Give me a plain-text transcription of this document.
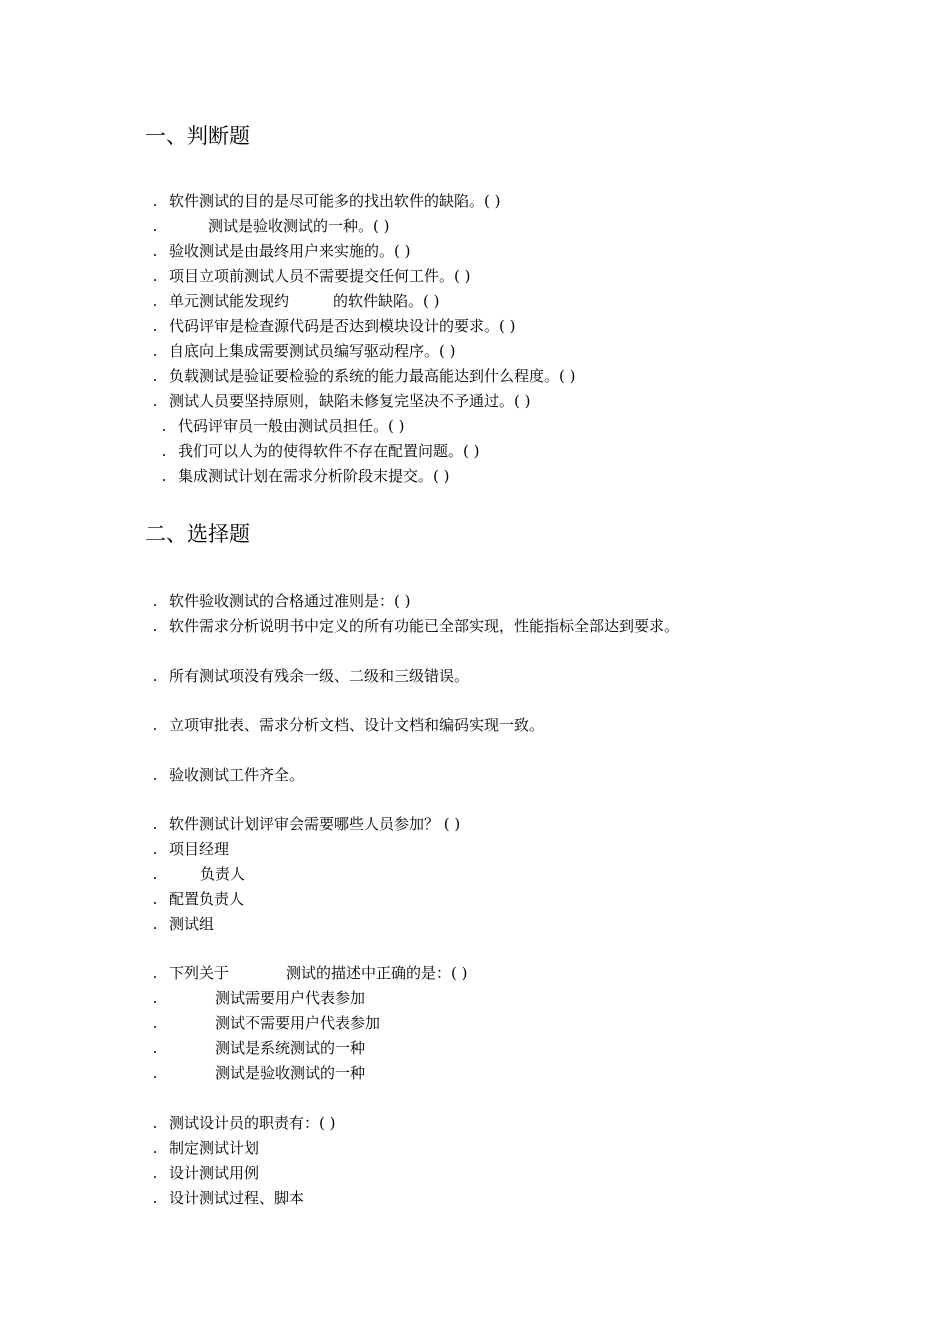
一、判断题
. 软件测试的目的是尽可能多的找出软件的缺陷。( )
.	测试是验收测试的一种。( )
. 验收测试是由最终用户来实施的。( )
. 项目立项前测试人员不需要提交任何工件。( )
. 单元测试能发现约	的软件缺陷。( )
. 代码评审是检查源代码是否达到模块设计的要求。( )
. 自底向上集成需要测试员编写驱动程序。( )
. 负载测试是验证要检验的系统的能力最高能达到什么程度。( )
. 测试人员要坚持原则，缺陷未修复完坚决不予通过。( )
. 代码评审员一般由测试员担任。( )
. 我们可以人为的使得软件不存在配置问题。( )
. 集成测试计划在需求分析阶段末提交。( )
二、选择题
. 软件验收测试的合格通过准则是：( )
. 软件需求分析说明书中定义的所有功能已全部实现，性能指标全部达到要求。
. 所有测试项没有残余一级、二级和三级错误。
. 立项审批表、需求分析文档、设计文档和编码实现一致。
. 验收测试工件齐全。
. 软件测试计划评审会需要哪些人员参加？ ( )
. 项目经理
.	负责人
. 配置负责人
. 测试组
. 下列关于	测试的描述中正确的是：( )
.	测试需要用户代表参加
.	测试不需要用户代表参加
.	测试是系统测试的一种
.	测试是验收测试的一种
. 测试设计员的职责有：( )
. 制定测试计划
. 设计测试用例
. 设计测试过程、脚本
